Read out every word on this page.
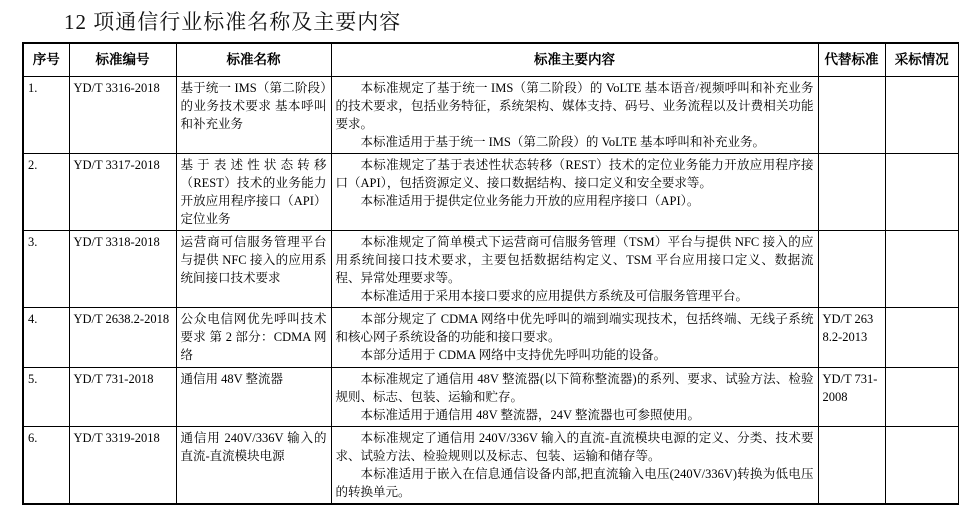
12 项通信行业标准名称及主要内容
序号	标准编号	标准名称	标准主要内容	代替标准	采标情况
1.	YD/T 3316-2018	基于统一 IMS（第二阶段）的业务技术要求 基本呼叫和补充业务	本标准规定了基于统一 IMS（第二阶段）的 VoLTE 基本语音/视频呼叫和补充业务的技术要求，包括业务特征，系统架构、媒体支持、码号、业务流程以及计费相关功能要求。

本标准适用于基于统一 IMS（第二阶段）的 VoLTE 基本呼叫和补充业务。		

2.	YD/T 3317-2018	基于表述性状态转移（REST）技术的业务能力开放应用程序接口（API） 定位业务	本标准规定了基于表述性状态转移（REST）技术的定位业务能力开放应用程序接口（API），包括资源定义、接口数据结构、接口定义和安全要求等。

本标准适用于提供定位业务能力开放的应用程序接口（API）。		

3.	YD/T 3318-2018	运营商可信服务管理平台与提供 NFC 接入的应用系统间接口技术要求	本标准规定了简单模式下运营商可信服务管理（TSM）平台与提供 NFC 接入的应用系统间接口技术要求，主要包括数据结构定义、TSM 平台应用接口定义、数据流程、异常处理要求等。

本标准适用于采用本接口要求的应用提供方系统及可信服务管理平台。		

4.	YD/T 2638.2-2018	公众电信网优先呼叫技术要求 第 2 部分：CDMA 网络	本部分规定了 CDMA 网络中优先呼叫的端到端实现技术，包括终端、无线子系统和核心网子系统设备的功能和接口要求。

本部分适用于 CDMA 网络中支持优先呼叫功能的设备。	YD/T 2638.2-2013	
5.	YD/T 731-2018	通信用 48V 整流器	本标准规定了通信用 48V 整流器(以下简称整流器)的系列、要求、试验方法、检验规则、标志、包装、运输和贮存。

本标准适用于通信用 48V 整流器，24V 整流器也可参照使用。	YD/T 731-2008	
6.	YD/T 3319-2018	通信用 240V/336V 输入的直流-直流模块电源	本标准规定了通信用 240V/336V 输入的直流-直流模块电源的定义、分类、技术要求、试验方法、检验规则以及标志、包装、运输和储存等。

本标准适用于嵌入在信息通信设备内部,把直流输入电压(240V/336V)转换为低电压的转换单元。		
